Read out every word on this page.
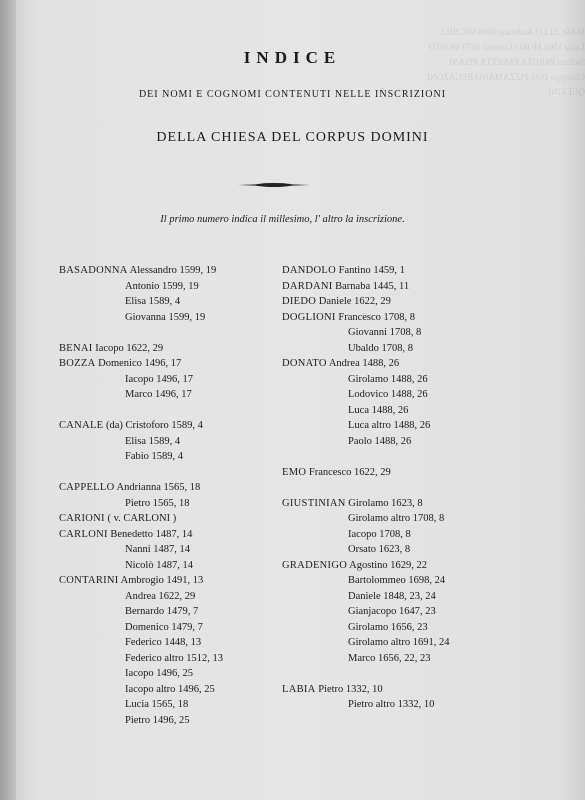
MARCELLO Andreana 1608 MICHIEL Lucia 1568 MORO Lorenzo 1679 MOSTO Stefano PARUTA FARETTA PISANI Giuseppe 1681 PIZZAMANO REGAZONI QUERINI
INDICE
DEI NOMI E COGNOMI CONTENUTI NELLE INSCRIZIONI
DELLA CHIESA DEL CORPUS DOMINI
Il primo numero indica il millesimo, l' altro la inscrizione.
BASADONNA Alessandro 1599, 19
Antonio 1599, 19
Elisa 1589, 4
Giovanna 1599, 19
BENAI Iacopo 1622, 29
BOZZA Domenico 1496, 17
Iacopo 1496, 17
Marco 1496, 17
CANALE (da) Cristoforo 1589, 4
Elisa 1589, 4
Fabio 1589, 4
CAPPELLO Andrianna 1565, 18
Pietro 1565, 18
CARIONI ( v. CARLONI )
CARLONI Benedetto 1487, 14
Nanni 1487, 14
Nicolò 1487, 14
CONTARINI Ambrogio 1491, 13
Andrea 1622, 29
Bernardo 1479, 7
Domenico 1479, 7
Federico 1448, 13
Federico altro 1512, 13
Iacopo 1496, 25
Iacopo altro 1496, 25
Lucia 1565, 18
Pietro 1496, 25
DANDOLO Fantino 1459, 1
DARDANI Barnaba 1445, 11
DIEDO Daniele 1622, 29
DOGLIONI Francesco 1708, 8
Giovanni 1708, 8
Ubaldo 1708, 8
DONATO Andrea 1488, 26
Girolamo 1488, 26
Lodovico 1488, 26
Luca 1488, 26
Luca altro 1488, 26
Paolo 1488, 26
EMO Francesco 1622, 29
GIUSTINIAN Girolamo 1623, 8
Girolamo altro 1708, 8
Iacopo 1708, 8
Orsato 1623, 8
GRADENIGO Agostino 1629, 22
Bartolommeo 1698, 24
Daniele 1848, 23, 24
Gianjacopo 1647, 23
Girolamo 1656, 23
Girolamo altro 1691, 24
Marco 1656, 22, 23
LABIA Pietro 1332, 10
Pietro altro 1332, 10
